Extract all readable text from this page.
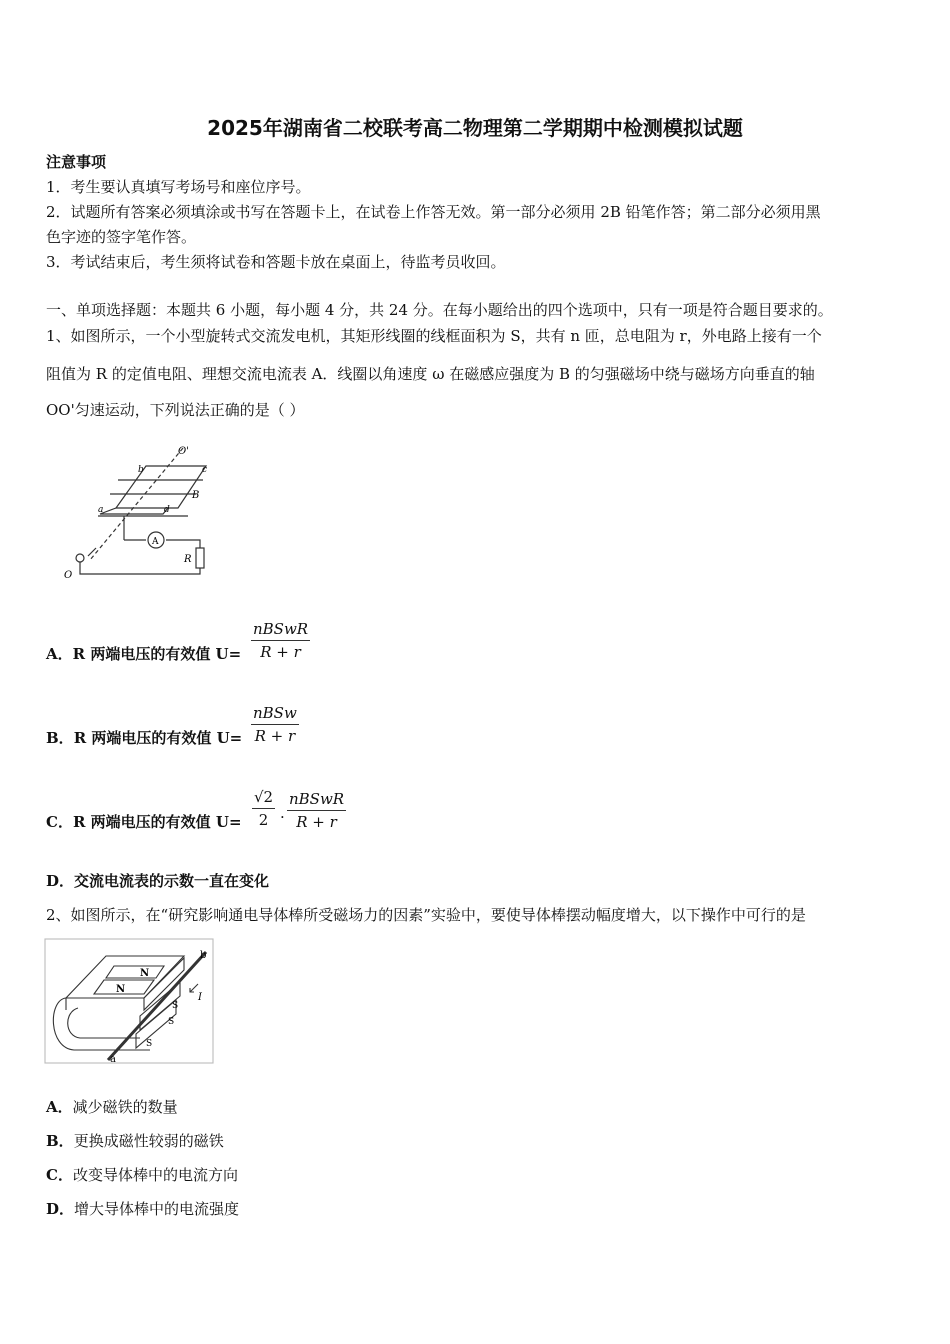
2025年湖南省二校联考高二物理第二学期期中检测模拟试题
注意事项
1．考生要认真填写考场号和座位序号。
2．试题所有答案必须填涂或书写在答题卡上，在试卷上作答无效。第一部分必须用 2B 铅笔作答；第二部分必须用黑
色字迹的签字笔作答。
3．考试结束后，考生须将试卷和答题卡放在桌面上，待监考员收回。
一、单项选择题：本题共 6 小题，每小题 4 分，共 24 分。在每小题给出的四个选项中，只有一项是符合题目要求的。
1、如图所示，一个小型旋转式交流发电机，其矩形线圈的线框面积为 S，共有 n 匝，总电阻为 r，外电路上接有一个
阻值为 R 的定值电阻、理想交流电流表 A．线圈以角速度 ω 在磁感应强度为 B 的匀强磁场中绕与磁场方向垂直的轴
OO'匀速运动，下列说法正确的是（ ）
O'
b	c
a	d
B
A
R
O
A．R 两端电压的有效值 U=
nBSwR
R + r
B．R 两端电压的有效值 U=
nBSw
R + r
C．R 两端电压的有效值 $U= \frac{√2}{2}$ ·
nBSwR
R + r
D．交流电流表的示数一直在变化
2、如图所示，在“研究影响通电导体棒所受磁场力的因素”实验中，要使导体棒摆动幅度增大，以下操作中可行的是
N
N
S
S
S
b
a
I
A．减少磁铁的数量
B．更换成磁性较弱的磁铁
C．改变导体棒中的电流方向
D．增大导体棒中的电流强度
